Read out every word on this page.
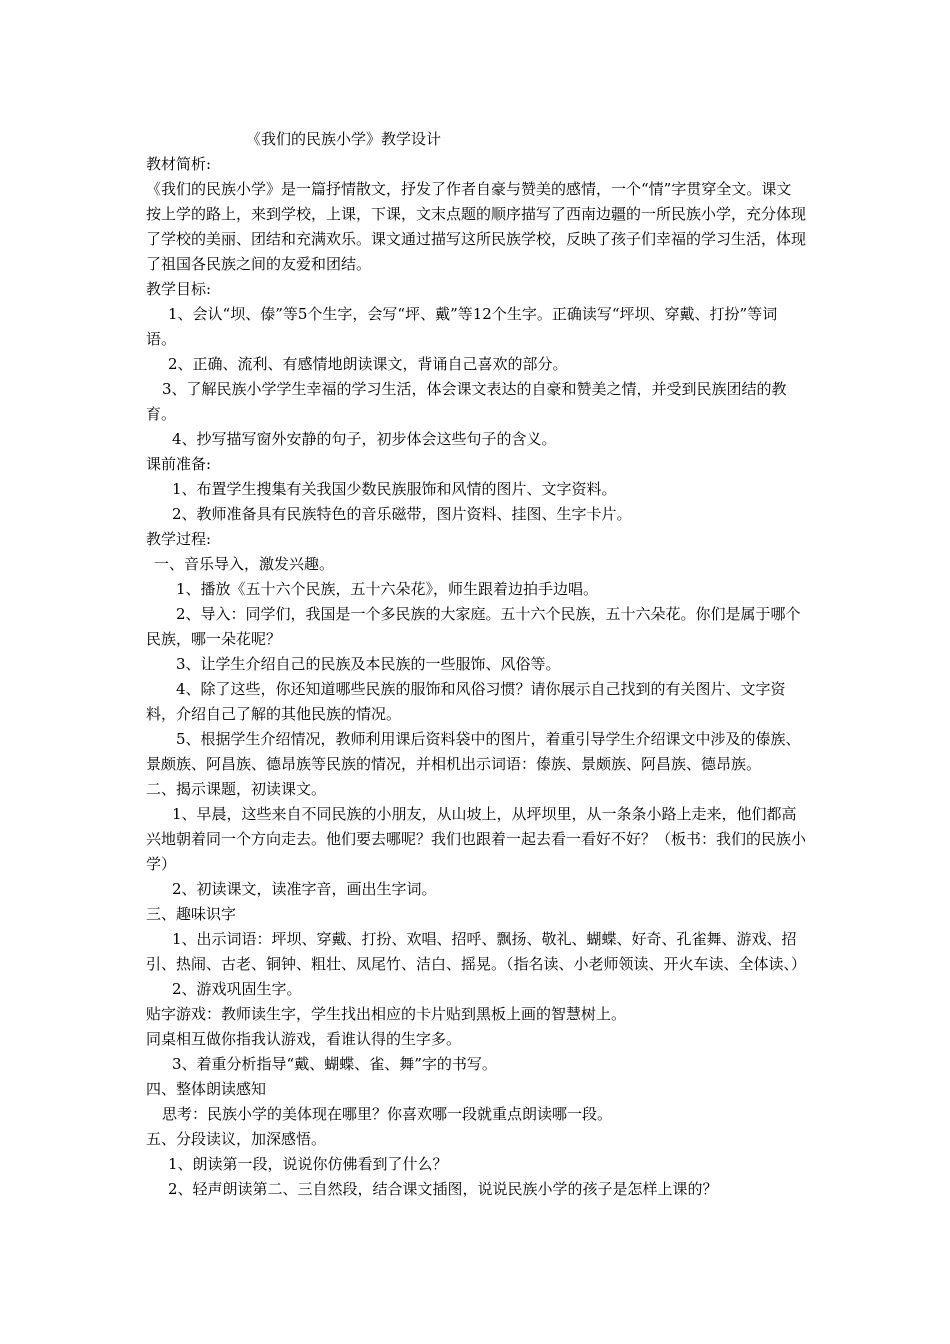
《我们的民族小学》教学设计

教材简析:

《我们的民族小学》是一篇抒情散文，抒发了作者自豪与赞美的感情，一个“情”字贯穿全文。课文按上学的路上，来到学校，上课，下课，文末点题的顺序描写了西南边疆的一所民族小学，充分体现了学校的美丽、团结和充满欢乐。课文通过描写这所民族学校，反映了孩子们幸福的学习生活，体现了祖国各民族之间的友爱和团结。

教学目标:

1、会认“坝、傣”等5个生字，会写“坪、戴”等12个生字。正确读写“坪坝、穿戴、打扮”等词语。

2、正确、流利、有感情地朗读课文，背诵自己喜欢的部分。

3、了解民族小学学生幸福的学习生活，体会课文表达的自豪和赞美之情，并受到民族团结的教育。

4、抄写描写窗外安静的句子，初步体会这些句子的含义。

课前准备:

1、布置学生搜集有关我国少数民族服饰和风情的图片、文字资料。

2、教师准备具有民族特色的音乐磁带，图片资料、挂图、生字卡片。

教学过程:

一、音乐导入，激发兴趣。

1、播放《五十六个民族，五十六朵花》，师生跟着边拍手边唱。

2、导入：同学们，我国是一个多民族的大家庭。五十六个民族，五十六朵花。你们是属于哪个民族，哪一朵花呢？

3、让学生介绍自己的民族及本民族的一些服饰、风俗等。

4、除了这些，你还知道哪些民族的服饰和风俗习惯？请你展示自己找到的有关图片、文字资料，介绍自己了解的其他民族的情况。

5、根据学生介绍情况，教师利用课后资料袋中的图片，着重引导学生介绍课文中涉及的傣族、景颇族、阿昌族、德昂族等民族的情况，并相机出示词语：傣族、景颇族、阿昌族、德昂族。

二、揭示课题，初读课文。

1、早晨，这些来自不同民族的小朋友，从山坡上，从坪坝里，从一条条小路上走来，他们都高兴地朝着同一个方向走去。他们要去哪呢？我们也跟着一起去看一看好不好？（板书：我们的民族小学）

2、初读课文，读准字音，画出生字词。

三、趣味识字

1、出示词语：坪坝、穿戴、打扮、欢唱、招呼、飘扬、敬礼、蝴蝶、好奇、孔雀舞、游戏、招引、热闹、古老、铜钟、粗壮、凤尾竹、洁白、摇晃。（指名读、小老师领读、开火车读、全体读、）

2、游戏巩固生字。

贴字游戏：教师读生字，学生找出相应的卡片贴到黑板上画的智慧树上。

同桌相互做你指我认游戏，看谁认得的生字多。

3、着重分析指导“戴、蝴蝶、雀、舞”字的书写。

四、整体朗读感知

思考：民族小学的美体现在哪里？你喜欢哪一段就重点朗读哪一段。

五、分段读议，加深感悟。

1、朗读第一段，说说你仿佛看到了什么？

2、轻声朗读第二、三自然段，结合课文插图，说说民族小学的孩子是怎样上课的？
